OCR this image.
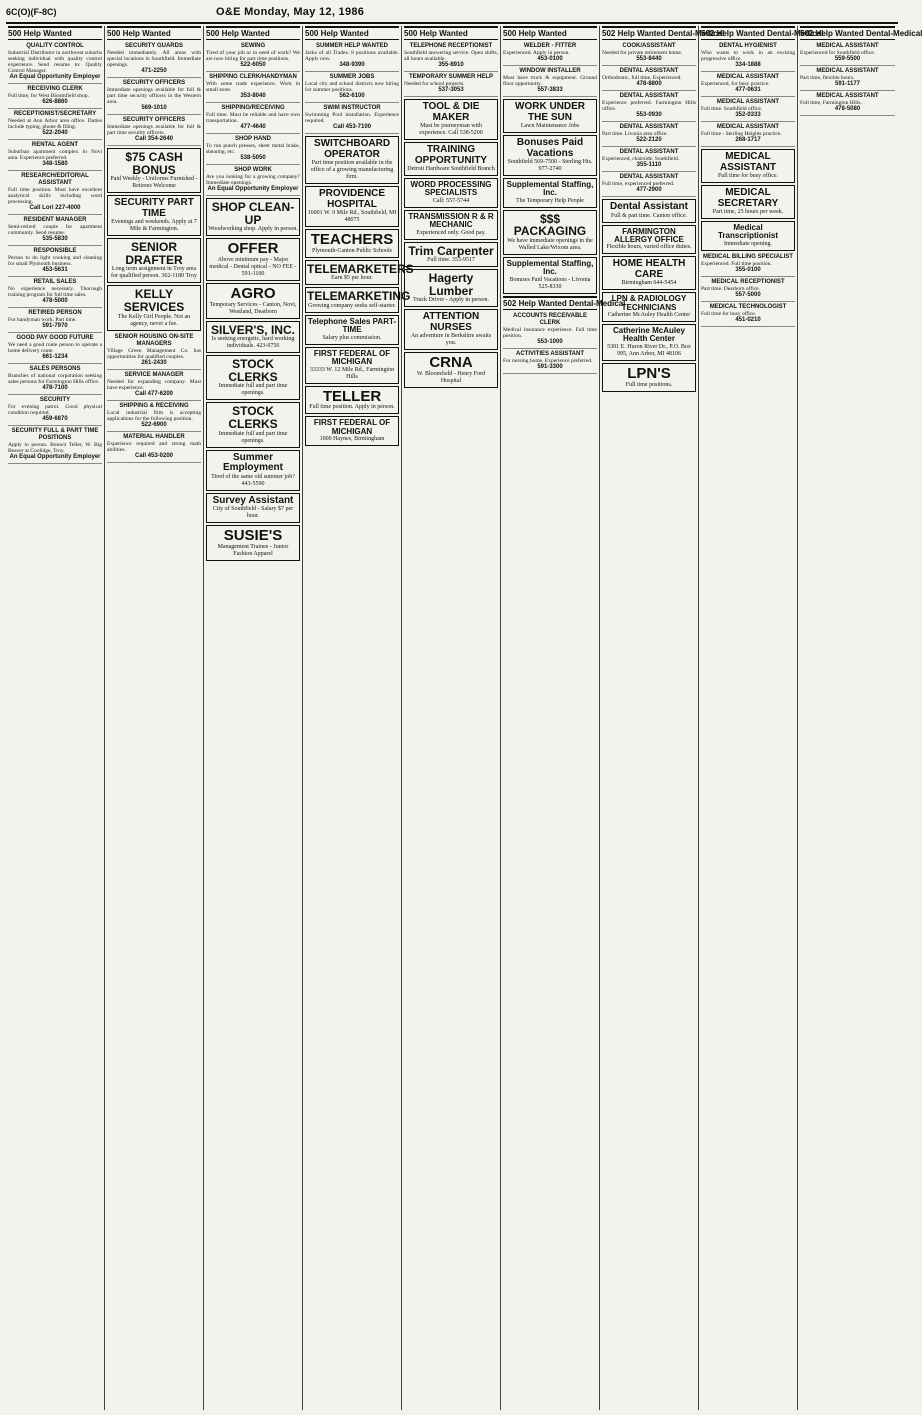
6C(O)(F-8C)	O&E Monday, May 12, 1986
500 Help Wanted
QUALITY CONTROL
Industrial Distributor in northwest suburbs seeking individual with quality control experience. Send resume to: Quality Control Manager.
An Equal Opportunity Employer
RECEIVING CLERK
Full time, for West Bloomfield shop.
626-8860
RECEPTIONIST/SECRETARY
Needed at Ann Arbor area office. Duties include typing, phone & filing.
522-2040
RENTAL AGENT
Suburban apartment complex in Novi area. Experience preferred.
348-1580
RESEARCH/EDITORIAL ASSISTANT
Full time position. Must have excellent analytical skills including word processing.
Call Lori 227-4000
RESIDENT MANAGER
Semi-retired couple for apartment community. Send resume.
535-5830
RESPONSIBLE
Person to do light cooking and cleaning for small Plymouth business.
453-5631
RETAIL SALES
No experience necessary. Thorough training program for full time sales.
478-5000
RETIRED PERSON
For handyman work. Part time.
591-7970
GOOD PAY GOOD FUTURE
We need a good route person to operate a home delivery route.
661-1234
SALES PERSONS
Branches of national corporation seeking sales persons for Farmington Hills office.
478-7100
SECURITY
For evening patrol. Good physical condition required.
459-6870
SECURITY FULL & PART TIME POSITIONS
Apply in person. Bonwit Teller, W. Big Beaver at Coolidge, Troy.
An Equal Opportunity Employer
500 Help Wanted
SECURITY GUARDS
Needed immediately. All areas with special locations in Southfield. Immediate openings.
471-2250
SECURITY OFFICERS
Immediate openings available for full & part time security officers in the Western area.
569-1010
SECURITY OFFICERS
Immediate openings available for full & part time security officers.
Call 354-2640
$75 CASH BONUS
Paid Weekly - Uniforms Furnished - Retirees Welcome
SECURITY PART TIME
Evenings and weekends. Apply at 7 Mile & Farmington.
SENIOR DRAFTER
Long term assignment in Troy area for qualified person. 362-1180 Troy
KELLY SERVICES
The Kelly Girl People. Not an agency, never a fee.
SENIOR HOUSING ON-SITE MANAGERS
Village Green Management Co. has opportunities for qualified couples.
261-2430
SERVICE MANAGER
Needed for expanding company. Must have experience.
Call 477-6200
SHIPPING & RECEIVING
Local industrial firm is accepting applications for the following position.
522-6900
MATERIAL HANDLER
Experience required and strong math abilities.
Call 453-0200
500 Help Wanted
SEWING
Tired of your job or in need of work? We are now hiring for part time positions.
522-6050
SHIPPING CLERK/HANDYMAN
With some trade experience. Work in small store.
353-8040
SHIPPING/RECEIVING
Full time. Must be reliable and have own transportation.
477-4640
SHOP HAND
To run punch presses, sheet metal brake, shearing, etc.
538-5050
SHOP WORK
Are you looking for a growing company? Immediate openings.
An Equal Opportunity Employer
SHOP CLEAN-UP
Woodworking shop. Apply in person.
OFFER
Above minimum pay - Major medical - Dental optical - NO FEE - 591-1100
AGRO
Temporary Services - Canton, Novi, Westland, Dearborn
SILVER'S, INC.
Is seeking energetic, hard working individuals. 423-0756
STOCK CLERKS
Immediate full and part time openings.
STOCK CLERKS
Immediate full and part time openings.
Summer Employment
Tired of the same old summer job? 443-5590
Survey Assistant
City of Southfield - Salary $7 per hour.
SUSIE'S
Management Trainee - Junior Fashion Apparel
500 Help Wanted
SUMMER HELP WANTED
Jacks of all Trades. 8 positions available. Apply now.
348-9390
SUMMER JOBS
Local city and school districts now hiring for summer positions.
562-6100
SWIM INSTRUCTOR
Swimming Pool installation. Experience required.
Call 453-7100
SWITCHBOARD OPERATOR
Part time position available in the office of a growing manufacturing firm.
PROVIDENCE HOSPITAL
16001 W. 9 Mile Rd., Southfield, MI 48075
TEACHERS
Plymouth-Canton Public Schools
TELEMARKETERS
Earn $5 per hour.
TELEMARKETING
Growing company seeks self-starter.
Telephone Sales PART-TIME
Salary plus commission.
FIRST FEDERAL OF MICHIGAN
33333 W. 12 Mile Rd., Farmington Hills
TELLER
Full time position. Apply in person.
FIRST FEDERAL OF MICHIGAN
1000 Haynes, Birmingham
500 Help Wanted
TELEPHONE RECEPTIONIST
Southfield answering service. Open shifts, all hours available.
355-8910
TEMPORARY SUMMER HELP
Needed for school projects.
537-3053
TOOL & DIE MAKER
Must be journeyman with experience. Call 538-5200
TRAINING OPPORTUNITY
Detroit Hardware Southfield Branch
WORD PROCESSING SPECIALISTS
Call: 557-5744
TRANSMISSION R & R MECHANIC
Experienced only. Good pay.
Trim Carpenter
Full time. 353-9517
Hagerty Lumber
Truck Driver - Apply in person.
ATTENTION NURSES
An adventure in Berkshire awaits you.
CRNA
W. Bloomfield - Henry Ford Hospital
500 Help Wanted
WELDER - FITTER
Experienced. Apply in person.
453-0100
WINDOW INSTALLER
Must have truck & equipment. Ground floor opportunity.
557-3833
WORK UNDER THE SUN
Lawn Maintenance Jobs
Bonuses Paid Vacations
Southfield 569-7500 - Sterling Hts. 977-2740
Supplemental Staffing, Inc.
The Temporary Help People
$$$ PACKAGING
We have immediate openings in the Walled Lake/Wixom area.
Supplemental Staffing, Inc.
Bonuses Paid Vacations - Livonia 525-8330
502 Help Wanted Dental-Medical
ACCOUNTS RECEIVABLE CLERK
Medical insurance experience. Full time position.
553-1000
ACTIVITIES ASSISTANT
For nursing home. Experience preferred.
591-3300
502 Help Wanted Dental-Medical
COOK/ASSISTANT
Needed for private retirement home.
553-8440
DENTAL ASSISTANT
Orthodontic, full time. Experienced.
478-8800
DENTAL ASSISTANT
Experience preferred. Farmington Hills office.
553-0930
DENTAL ASSISTANT
Part time. Livonia area office.
522-2120
DENTAL ASSISTANT
Experienced, chairside. Southfield.
355-1110
DENTAL ASSISTANT
Full time, experienced preferred.
477-2900
Dental Assistant
Full & part time. Canton office.
FARMINGTON ALLERGY OFFICE
Flexible hours, varied office duties.
HOME HEALTH CARE
Birmingham 644-5454
LPN & RADIOLOGY TECHNICIANS
Catherine McAuley Health Center
Catherine McAuley Health Center
5301 E. Huron River Dr., P.O. Box 995, Ann Arbor, MI 48106
LPN'S
Full time positions.
502 Help Wanted Dental-Medical
DENTAL HYGIENIST
Who wants to work in an exciting progressive office.
334-1888
MEDICAL ASSISTANT
Experienced, for busy practice.
477-0631
MEDICAL ASSISTANT
Full time. Southfield office.
352-0333
MEDICAL ASSISTANT
Full time - Sterling Heights practice.
268-1717
MEDICAL ASSISTANT
Full time for busy office.
MEDICAL SECRETARY
Part time, 25 hours per week.
Medical Transcriptionist
Immediate opening.
MEDICAL BILLING SPECIALIST
Experienced. Full time position.
355-0100
MEDICAL RECEPTIONIST
Part time. Dearborn office.
557-5000
MEDICAL TECHNOLOGIST
Full time for busy office.
451-0210
502 Help Wanted Dental-Medical
MEDICAL ASSISTANT
Experienced for Southfield office.
559-5500
MEDICAL ASSISTANT
Part time, flexible hours.
591-1177
MEDICAL ASSISTANT
Full time, Farmington Hills.
478-5080
